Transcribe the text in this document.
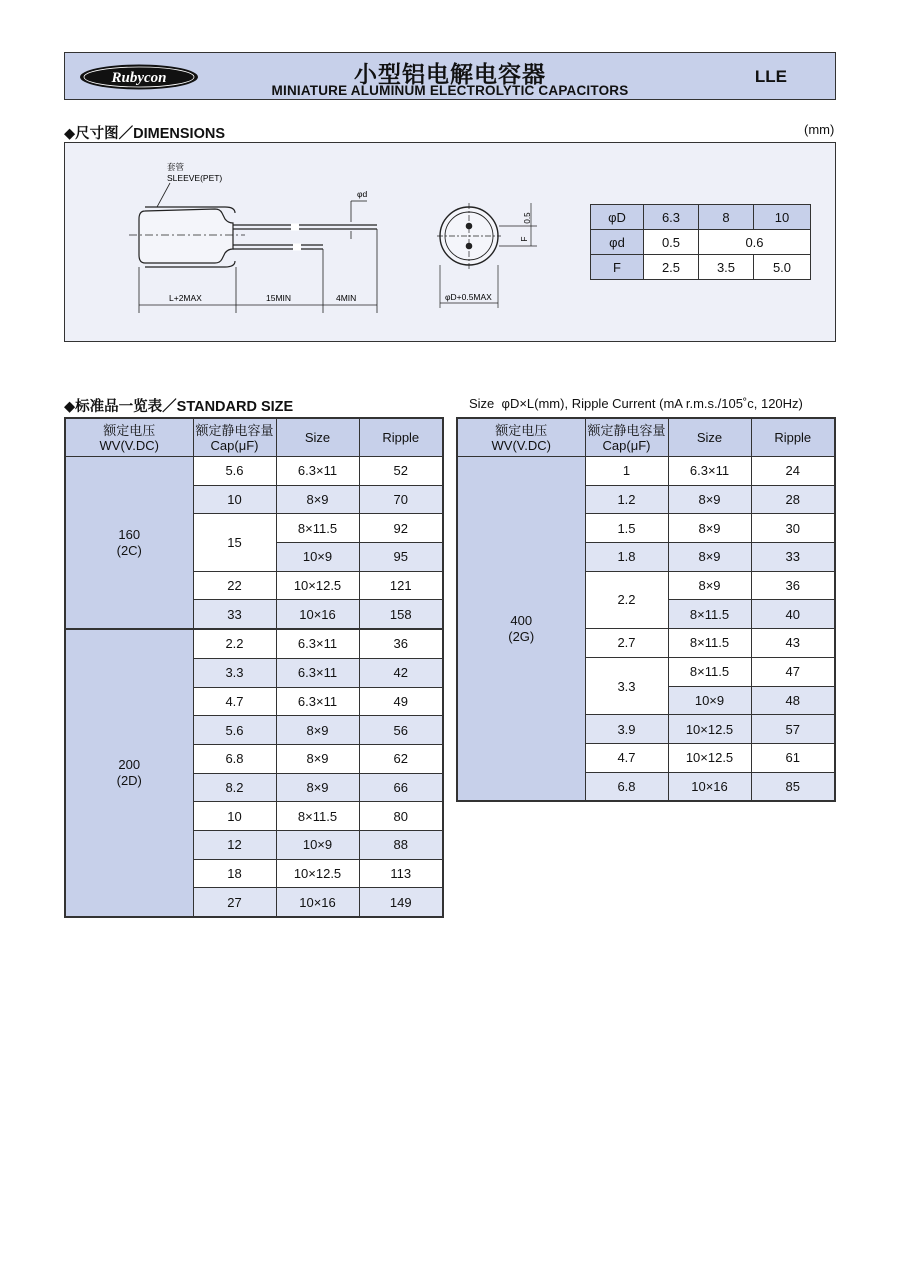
Rubycon	小型铝电解电容器
MINIATURE ALUMINUM ELECTROLYTIC CAPACITORS
LLE
◆尺寸图／DIMENSIONS	(mm)
套管
SLEEVE(PET)
φd
L+2MAX	15MIN	4MIN
0.5
F
φD+0.5MAX
φD	6.3	8	10
φd	0.5	0.6	
F	2.5	3.5	5.0
◆标准品一览表／STANDARD SIZE	Size  φD×L(mm), Ripple Current (mA r.m.s./105˚c, 120Hz)
额定电压
WV(V.DC)	额定静电容量
Cap(μF)	Size	Ripple
160
(2C)	5.6	6.3×11	52
	10	8×9	70
	15	8×11.5	92
		10×9	95
	22	10×12.5	121
	33	10×16	158
200
(2D)	2.2	6.3×11	36
	3.3	6.3×11	42
	4.7	6.3×11	49
	5.6	8×9	56
	6.8	8×9	62
	8.2	8×9	66
	10	8×11.5	80
	12	10×9	88
	18	10×12.5	113
	27	10×16	149
额定电压
WV(V.DC)	额定静电容量
Cap(μF)	Size	Ripple
400
(2G)	1	6.3×11	24
	1.2	8×9	28
	1.5	8×9	30
	1.8	8×9	33
	2.2	8×9	36
		8×11.5	40
	2.7	8×11.5	43
	3.3	8×11.5	47
		10×9	48
	3.9	10×12.5	57
	4.7	10×12.5	61
	6.8	10×16	85
